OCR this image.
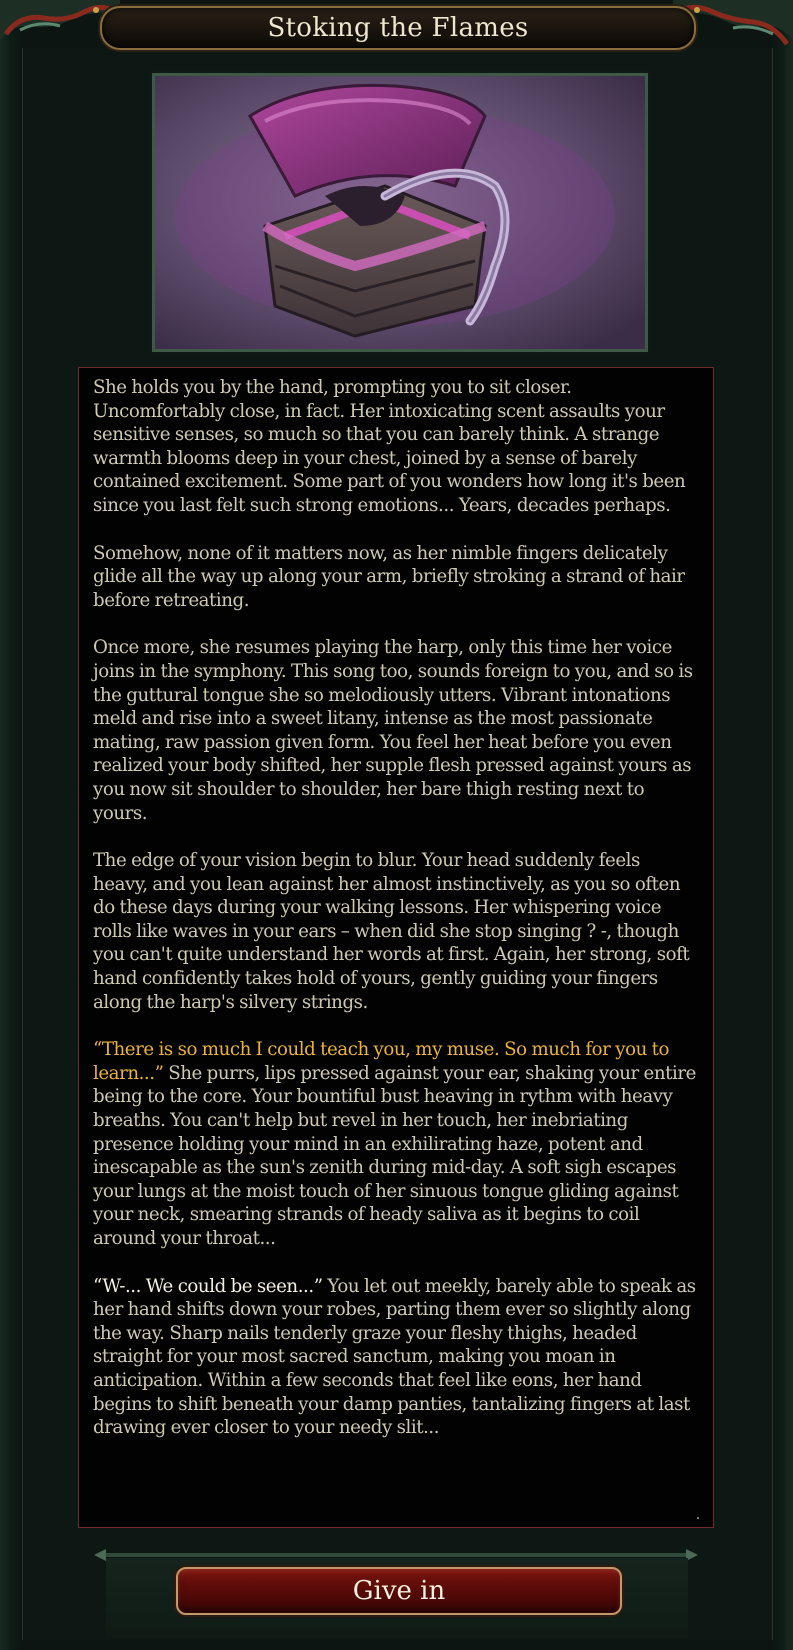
Stoking the Flames

She holds you by the hand, prompting you to sit closer. Uncomfortably close, in fact. Her intoxicating scent assaults your sensitive senses, so much so that you can barely think. A strange warmth blooms deep in your chest, joined by a sense of barely contained excitement. Some part of you wonders how long it's been since you last felt such strong emotions... Years, decades perhaps.

Somehow, none of it matters now, as her nimble fingers delicately glide all the way up along your arm, briefly stroking a strand of hair before retreating.

Once more, she resumes playing the harp, only this time her voice joins in the symphony. This song too, sounds foreign to you, and so is the guttural tongue she so melodiously utters. Vibrant intonations meld and rise into a sweet litany, intense as the most passionate mating, raw passion given form. You feel her heat before you even realized your body shifted, her supple flesh pressed against yours as you now sit shoulder to shoulder, her bare thigh resting next to yours.

The edge of your vision begin to blur. Your head suddenly feels heavy, and you lean against her almost instinctively, as you so often do these days during your walking lessons. Her whispering voice rolls like waves in your ears – when did she stop singing ? -, though you can't quite understand her words at first. Again, her strong, soft hand confidently takes hold of yours, gently guiding your fingers along the harp's silvery strings.

“There is so much I could teach you, my muse. So much for you to learn...” She purrs, lips pressed against your ear, shaking your entire being to the core. Your bountiful bust heaving in rythm with heavy breaths. You can't help but revel in her touch, her inebriating presence holding your mind in an exhilirating haze, potent and inescapable as the sun's zenith during mid-day. A soft sigh escapes your lungs at the moist touch of her sinuous tongue gliding against your neck, smearing strands of heady saliva as it begins to coil around your throat...

“W-... We could be seen...” You let out meekly, barely able to speak as her hand shifts down your robes, parting them ever so slightly along the way. Sharp nails tenderly graze your fleshy thighs, headed straight for your most sacred sanctum, making you moan in anticipation. Within a few seconds that feel like eons, her hand begins to shift beneath your damp panties, tantalizing fingers at last drawing ever closer to your needy slit...

Give in
